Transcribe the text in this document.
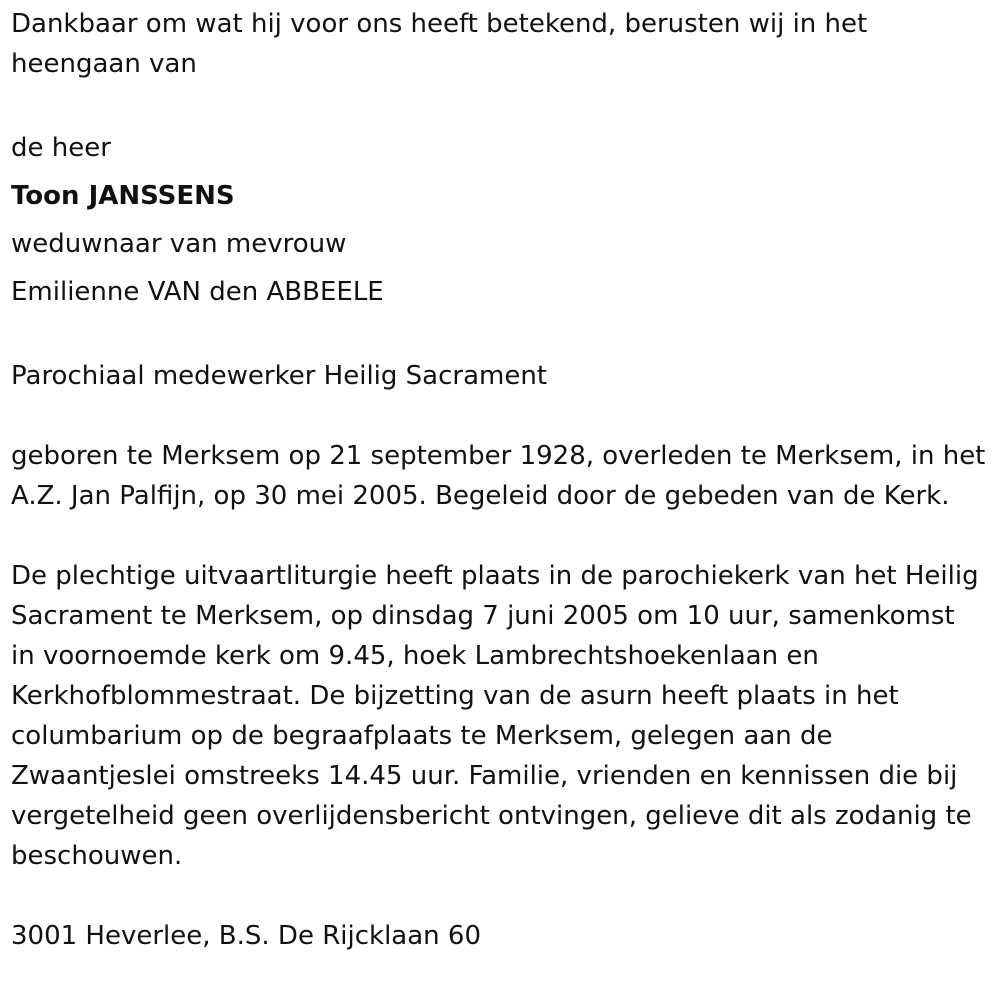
Dankbaar om wat hij voor ons heeft betekend, berusten wij in het heengaan van

de heer

Toon JANSSENS

weduwnaar van mevrouw

Emilienne VAN den ABBEELE

Parochiaal medewerker Heilig Sacrament

geboren te Merksem op 21 september 1928, overleden te Merksem, in het A.Z. Jan Palfijn, op 30 mei 2005. Begeleid door de gebeden van de Kerk.

De plechtige uitvaartliturgie heeft plaats in de parochiekerk van het Heilig Sacrament te Merksem, op dinsdag 7 juni 2005 om 10 uur, samenkomst in voornoemde kerk om 9.45, hoek Lambrechtshoekenlaan en Kerkhofblommestraat. De bijzetting van de asurn heeft plaats in het columbarium op de begraafplaats te Merksem, gelegen aan de Zwaantjeslei omstreeks 14.45 uur. Familie, vrienden en kennissen die bij vergetelheid geen overlijdensbericht ontvingen, gelieve dit als zodanig te beschouwen.

3001 Heverlee, B.S. De Rijcklaan 60
